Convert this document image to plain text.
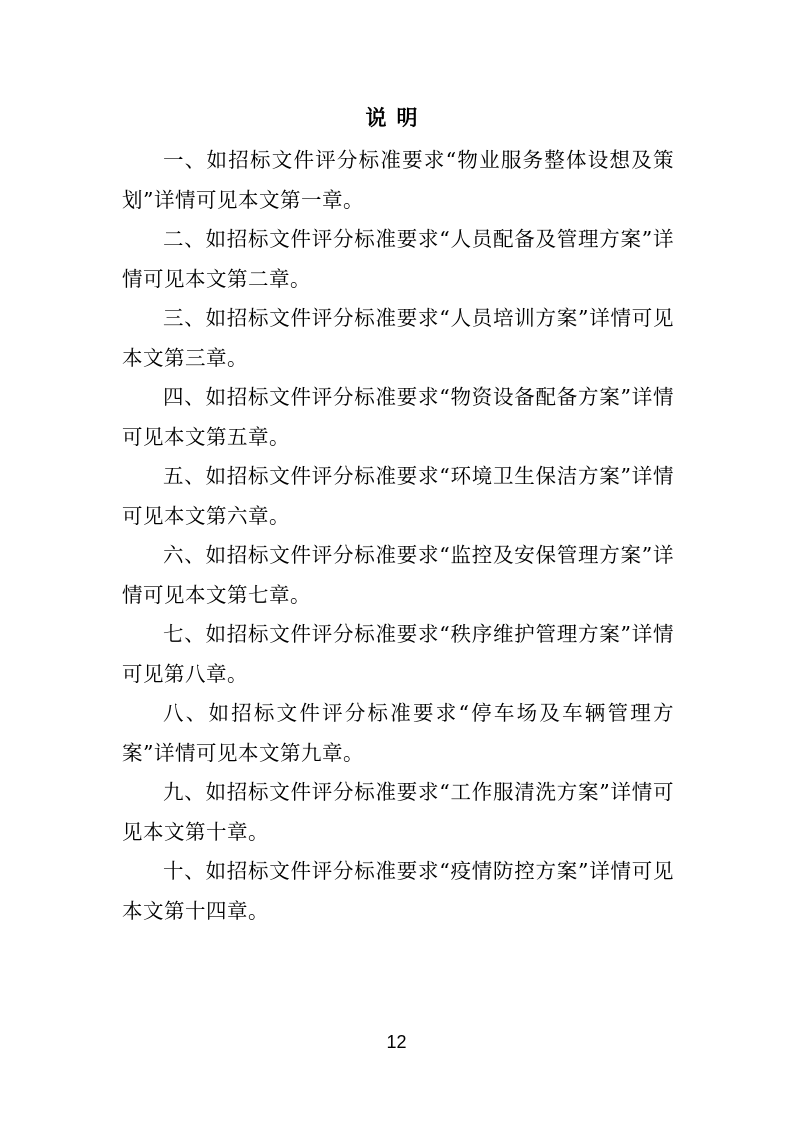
说明

一、如招标文件评分标准要求“物业服务整体设想及策划”详情可见本文第一章。

二、如招标文件评分标准要求“人员配备及管理方案”详情可见本文第二章。

三、如招标文件评分标准要求“人员培训方案”详情可见本文第三章。

四、如招标文件评分标准要求“物资设备配备方案”详情可见本文第五章。

五、如招标文件评分标准要求“环境卫生保洁方案”详情可见本文第六章。

六、如招标文件评分标准要求“监控及安保管理方案”详情可见本文第七章。

七、如招标文件评分标准要求“秩序维护管理方案”详情可见第八章。

八、如招标文件评分标准要求“停车场及车辆管理方案”详情可见本文第九章。

九、如招标文件评分标准要求“工作服清洗方案”详情可见本文第十章。

十、如招标文件评分标准要求“疫情防控方案”详情可见本文第十四章。

12
